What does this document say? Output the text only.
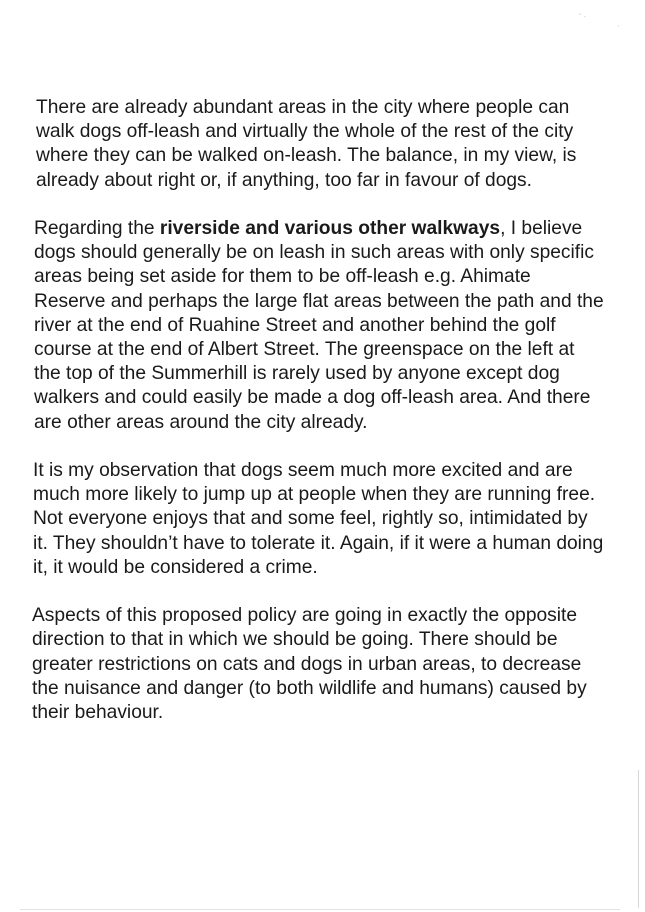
˘ ·
ˎ

There are already abundant areas in the city where people can walk dogs off-leash and virtually the whole of the rest of the city where they can be walked on-leash. The balance, in my view, is already about right or, if anything, too far in favour of dogs.

Regarding the riverside and various other walkways, I believe dogs should generally be on leash in such areas with only specific areas being set aside for them to be off-leash e.g. Ahimate Reserve and perhaps the large flat areas between the path and the river at the end of Ruahine Street and another behind the golf course at the end of Albert Street. The greenspace on the left at the top of the Summerhill is rarely used by anyone except dog walkers and could easily be made a dog off-leash area. And there are other areas around the city already.

It is my observation that dogs seem much more excited and are much more likely to jump up at people when they are running free. Not everyone enjoys that and some feel, rightly so, intimidated by it. They shouldn’t have to tolerate it. Again, if it were a human doing it, it would be considered a crime.

Aspects of this proposed policy are going in exactly the opposite direction to that in which we should be going. There should be greater restrictions on cats and dogs in urban areas, to decrease the nuisance and danger (to both wildlife and humans) caused by their behaviour.
